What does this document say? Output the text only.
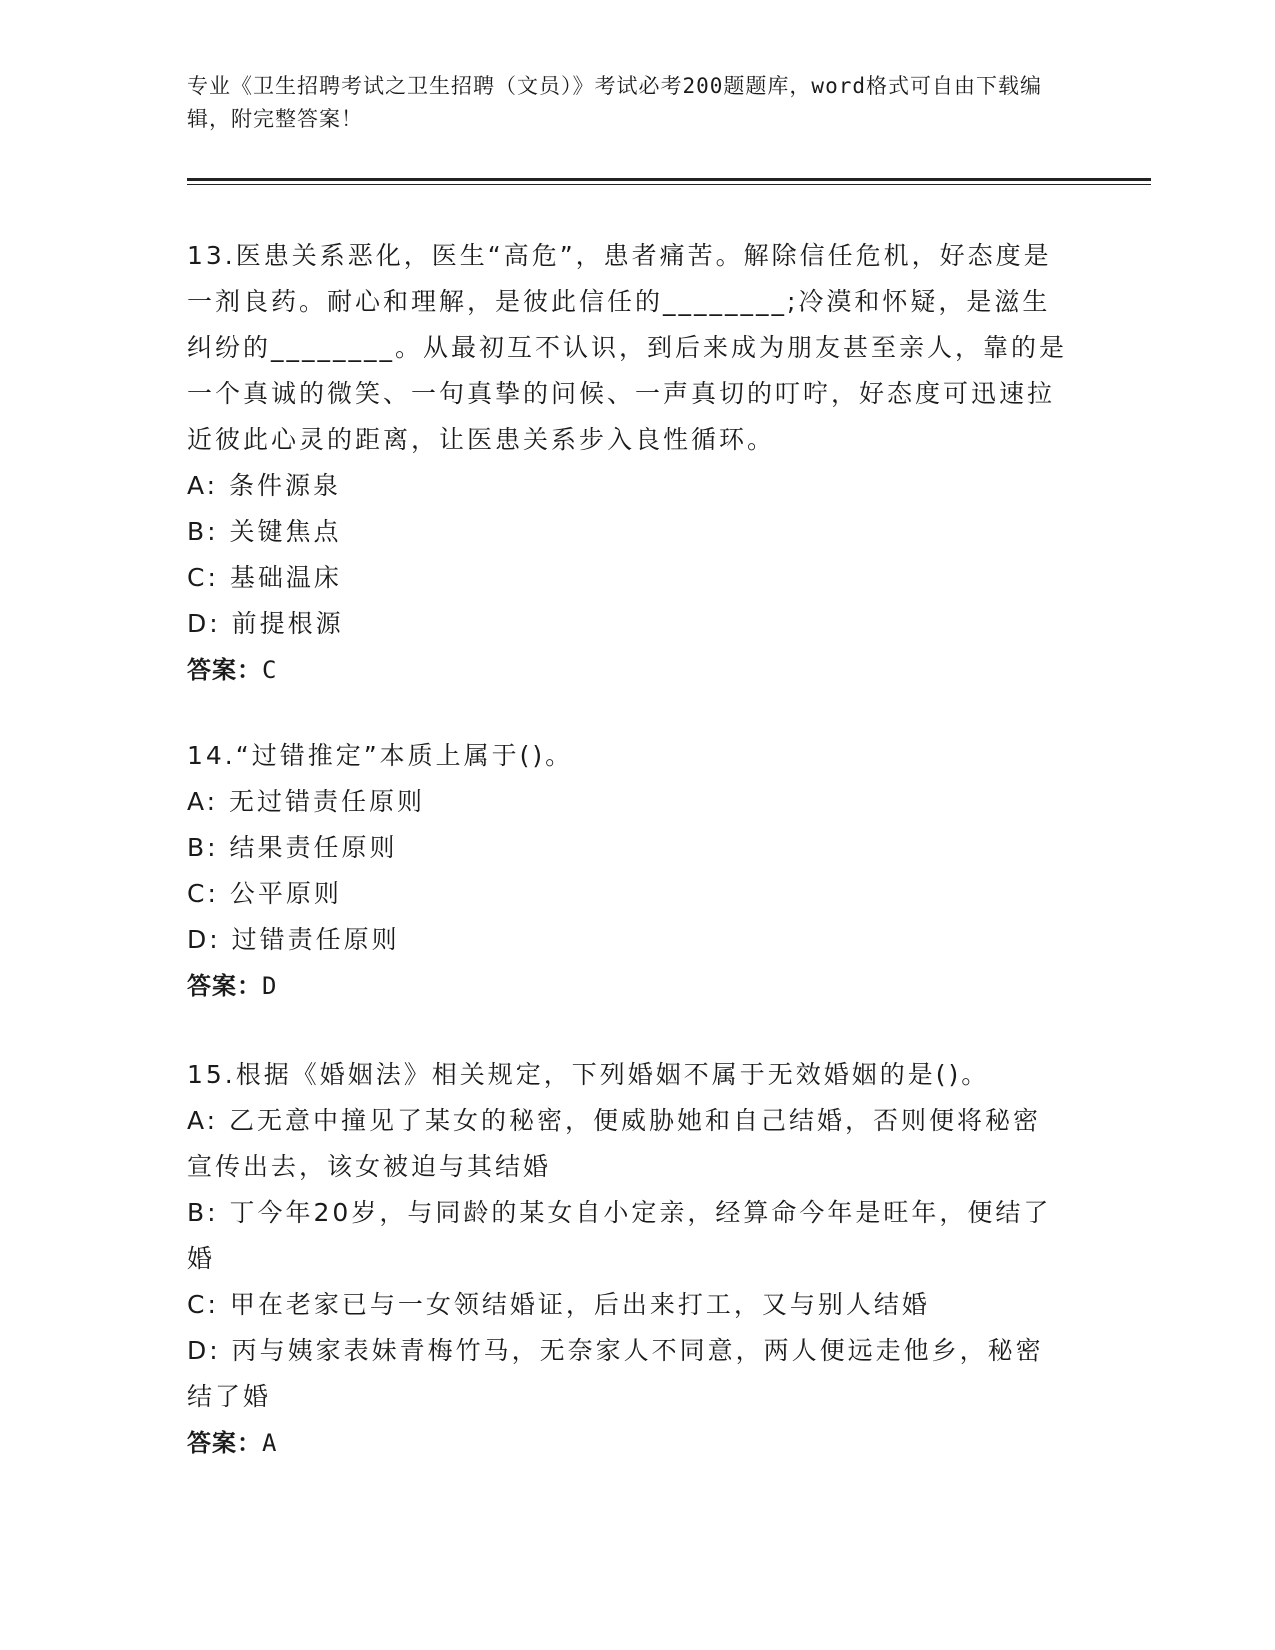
专业《卫生招聘考试之卫生招聘（文员）》考试必考200题题库，word格式可自由下载编辑，附完整答案！

13.医患关系恶化，医生“高危”，患者痛苦。解除信任危机，好态度是一剂良药。耐心和理解，是彼此信任的________;冷漠和怀疑，是滋生纠纷的________。从最初互不认识，到后来成为朋友甚至亲人，靠的是一个真诚的微笑、一句真挚的问候、一声真切的叮咛，好态度可迅速拉近彼此心灵的距离，让医患关系步入良性循环。

A: 条件源泉

B: 关键焦点

C: 基础温床

D: 前提根源

答案：C

14.“过错推定”本质上属于()。

A: 无过错责任原则

B: 结果责任原则

C: 公平原则

D: 过错责任原则

答案：D

15.根据《婚姻法》相关规定，下列婚姻不属于无效婚姻的是()。

A: 乙无意中撞见了某女的秘密，便威胁她和自己结婚，否则便将秘密宣传出去，该女被迫与其结婚

B: 丁今年20岁，与同龄的某女自小定亲，经算命今年是旺年，便结了婚

C: 甲在老家已与一女领结婚证，后出来打工，又与别人结婚

D: 丙与姨家表妹青梅竹马，无奈家人不同意，两人便远走他乡，秘密结了婚

答案：A
